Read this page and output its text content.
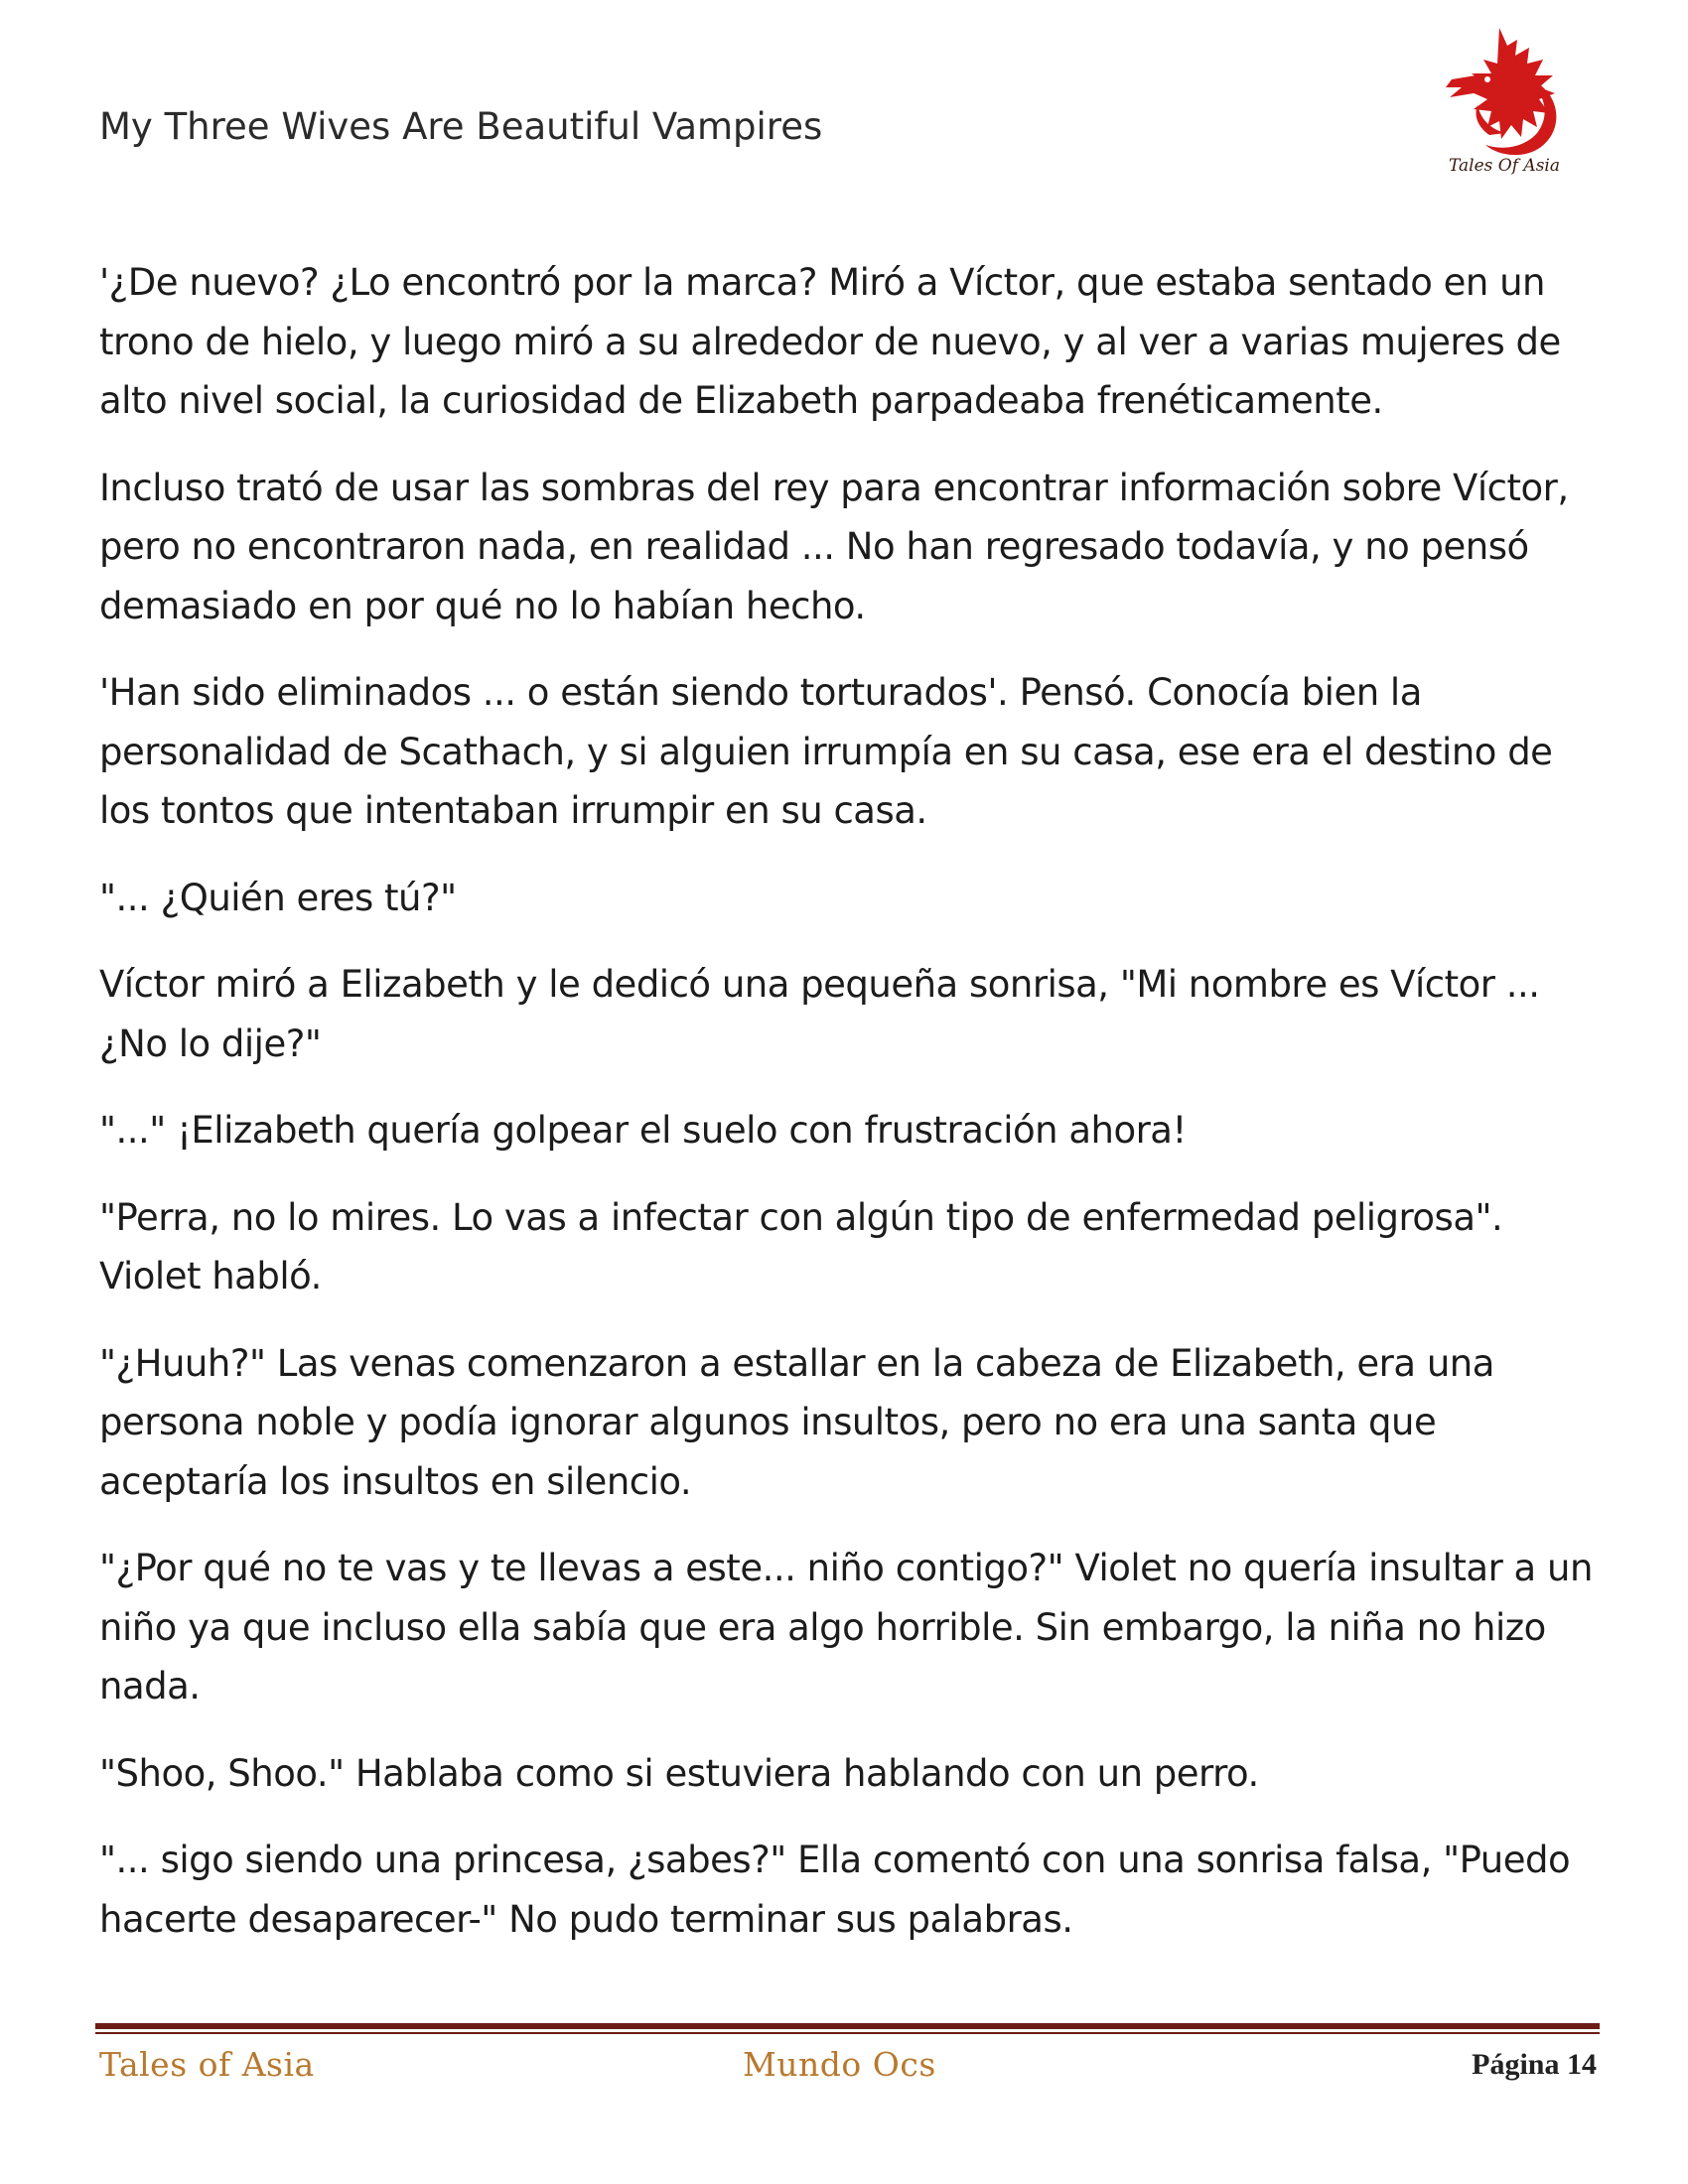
My Three Wives Are Beautiful Vampires
Tales Of Asia

'¿De nuevo? ¿Lo encontró por la marca? Miró a Víctor, que estaba sentado en un trono de hielo, y luego miró a su alrededor de nuevo, y al ver a varias mujeres de alto nivel social, la curiosidad de Elizabeth parpadeaba frenéticamente.

Incluso trató de usar las sombras del rey para encontrar información sobre Víctor, pero no encontraron nada, en realidad ... No han regresado todavía, y no pensó demasiado en por qué no lo habían hecho.

'Han sido eliminados ... o están siendo torturados'. Pensó. Conocía bien la personalidad de Scathach, y si alguien irrumpía en su casa, ese era el destino de los tontos que intentaban irrumpir en su casa.

"... ¿Quién eres tú?"

Víctor miró a Elizabeth y le dedicó una pequeña sonrisa, "Mi nombre es Víctor ... ¿No lo dije?"

"..." ¡Elizabeth quería golpear el suelo con frustración ahora!

"Perra, no lo mires. Lo vas a infectar con algún tipo de enfermedad peligrosa". Violet habló.

"¿Huuh?" Las venas comenzaron a estallar en la cabeza de Elizabeth, era una persona noble y podía ignorar algunos insultos, pero no era una santa que aceptaría los insultos en silencio.

"¿Por qué no te vas y te llevas a este... niño contigo?" Violet no quería insultar a un niño ya que incluso ella sabía que era algo horrible. Sin embargo, la niña no hizo nada.

"Shoo, Shoo." Hablaba como si estuviera hablando con un perro.

"... sigo siendo una princesa, ¿sabes?" Ella comentó con una sonrisa falsa, "Puedo hacerte desaparecer-" No pudo terminar sus palabras.

Tales of Asia	Mundo Ocs	Página 14
